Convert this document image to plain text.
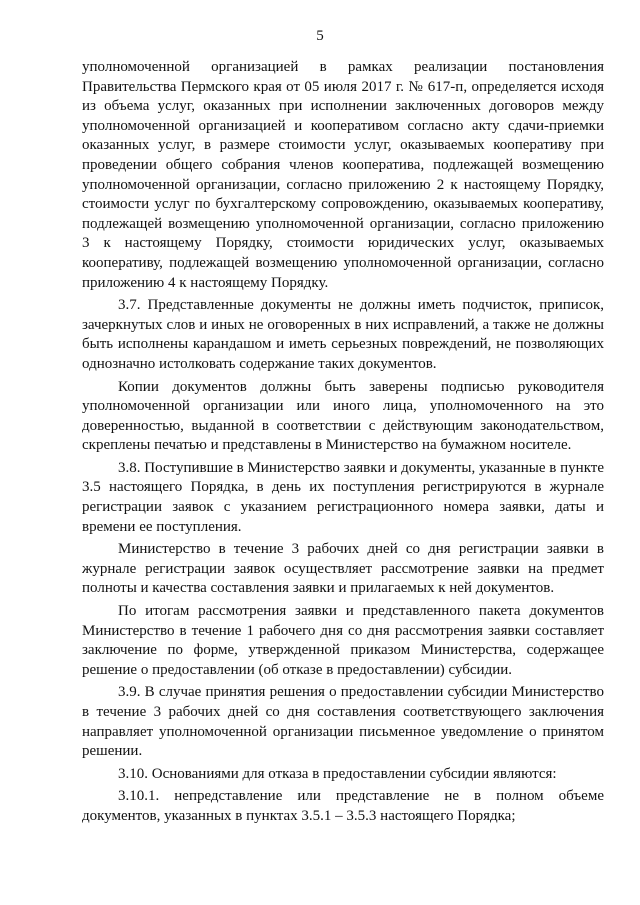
5

уполномоченной организацией в рамках реализации постановления Правительства Пермского края от 05 июля 2017 г. № 617-п, определяется исходя из объема услуг, оказанных при исполнении заключенных договоров между уполномоченной организацией и кооперативом согласно акту сдачи-приемки оказанных услуг, в размере стоимости услуг, оказываемых кооперативу при проведении общего собрания членов кооператива, подлежащей возмещению уполномоченной организации, согласно приложению 2 к настоящему Порядку, стоимости услуг по бухгалтерскому сопровождению, оказываемых кооперативу, подлежащей возмещению уполномоченной организации, согласно приложению 3 к настоящему Порядку, стоимости юридических услуг, оказываемых кооперативу, подлежащей возмещению уполномоченной организации, согласно приложению 4 к настоящему Порядку.

3.7. Представленные документы не должны иметь подчисток, приписок, зачеркнутых слов и иных не оговоренных в них исправлений, а также не должны быть исполнены карандашом и иметь серьезных повреждений, не позволяющих однозначно истолковать содержание таких документов.

Копии документов должны быть заверены подписью руководителя уполномоченной организации или иного лица, уполномоченного на это доверенностью, выданной в соответствии с действующим законодательством, скреплены печатью и представлены в Министерство на бумажном носителе.

3.8. Поступившие в Министерство заявки и документы, указанные в пункте 3.5 настоящего Порядка, в день их поступления регистрируются в журнале регистрации заявок с указанием регистрационного номера заявки, даты и времени ее поступления.

Министерство в течение 3 рабочих дней со дня регистрации заявки в журнале регистрации заявок осуществляет рассмотрение заявки на предмет полноты и качества составления заявки и прилагаемых к ней документов.

По итогам рассмотрения заявки и представленного пакета документов Министерство в течение 1 рабочего дня со дня рассмотрения заявки составляет заключение по форме, утвержденной приказом Министерства, содержащее решение о предоставлении (об отказе в предоставлении) субсидии.

3.9. В случае принятия решения о предоставлении субсидии Министерство в течение 3 рабочих дней со дня составления соответствующего заключения направляет уполномоченной организации письменное уведомление о принятом решении.

3.10. Основаниями для отказа в предоставлении субсидии являются:

3.10.1. непредставление или представление не в полном объеме документов, указанных в пунктах 3.5.1 – 3.5.3 настоящего Порядка;
